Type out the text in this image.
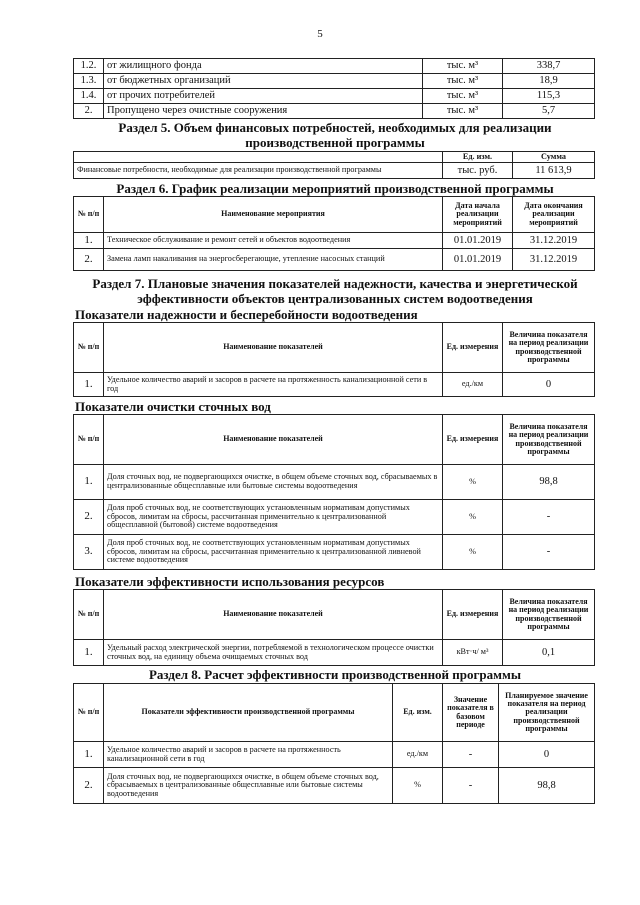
5
1.2.	от жилищного фонда	тыс. м³	338,7
1.3.	от бюджетных организаций	тыс. м³	18,9
1.4.	от прочих потребителей	тыс. м³	115,3
2.	Пропущено через очистные сооружения	тыс. м³	5,7
Раздел 5. Объем финансовых потребностей, необходимых для реализации
производственной программы
	Ед. изм.	Сумма
Финансовые потребности, необходимые для реализации производственной программы	тыс. руб.	11 613,9
Раздел 6. График реализации мероприятий производственной программы
№ п/п	Наименование мероприятия	Дата начала реализации мероприятий	Дата окончания реализации мероприятий
1.	Техническое обслуживание и ремонт сетей и объектов водоотведения	01.01.2019	31.12.2019
2.	Замена ламп накаливания на энергосберегающие, утепление насосных станций	01.01.2019	31.12.2019
Раздел 7. Плановые значения показателей надежности, качества и энергетической
эффективности объектов централизованных систем водоотведения
Показатели надежности и бесперебойности водоотведения
№ п/п	Наименование показателей	Ед. измерения	Величина показателя на период реализации производственной программы
1.	Удельное количество аварий и засоров в расчете на протяженность канализационной сети в год	ед./км	0
Показатели очистки сточных вод
№ п/п	Наименование показателей	Ед. измерения	Величина показателя на период реализации производственной программы
1.	Доля сточных вод, не подвергающихся очистке, в общем объеме сточных вод, сбрасываемых в централизованные общесплавные или бытовые системы водоотведения	%	98,8
2.	Доля проб сточных вод, не соответствующих установленным нормативам допустимых сбросов, лимитам на сбросы, рассчитанная применительно к централизованной общесплавной (бытовой) системе водоотведения	%	-
3.	Доля проб сточных вод, не соответствующих установленным нормативам допустимых сбросов, лимитам на сбросы, рассчитанная применительно к централизованной ливневой системе водоотведения	%	-
Показатели эффективности использования ресурсов
№ п/п	Наименование показателей	Ед. измерения	Величина показателя на период реализации производственной программы
1.	Удельный расход электрической энергии, потребляемой в технологическом процессе очистки сточных вод, на единицу объема очищаемых сточных вод	кВт·ч/ м³	0,1
Раздел 8. Расчет эффективности производственной программы
№ п/п	Показатели эффективности производственной программы	Ед. изм.	Значение показателя в базовом периоде	Планируемое значение показателя на период реализации производственной программы
1.	Удельное количество аварий и засоров в расчете на протяженность канализационной сети в год	ед./км	-	0
2.	Доля сточных вод, не подвергающихся очистке, в общем объеме сточных вод, сбрасываемых в централизованные общесплавные или бытовые системы водоотведения	%	-	98,8
